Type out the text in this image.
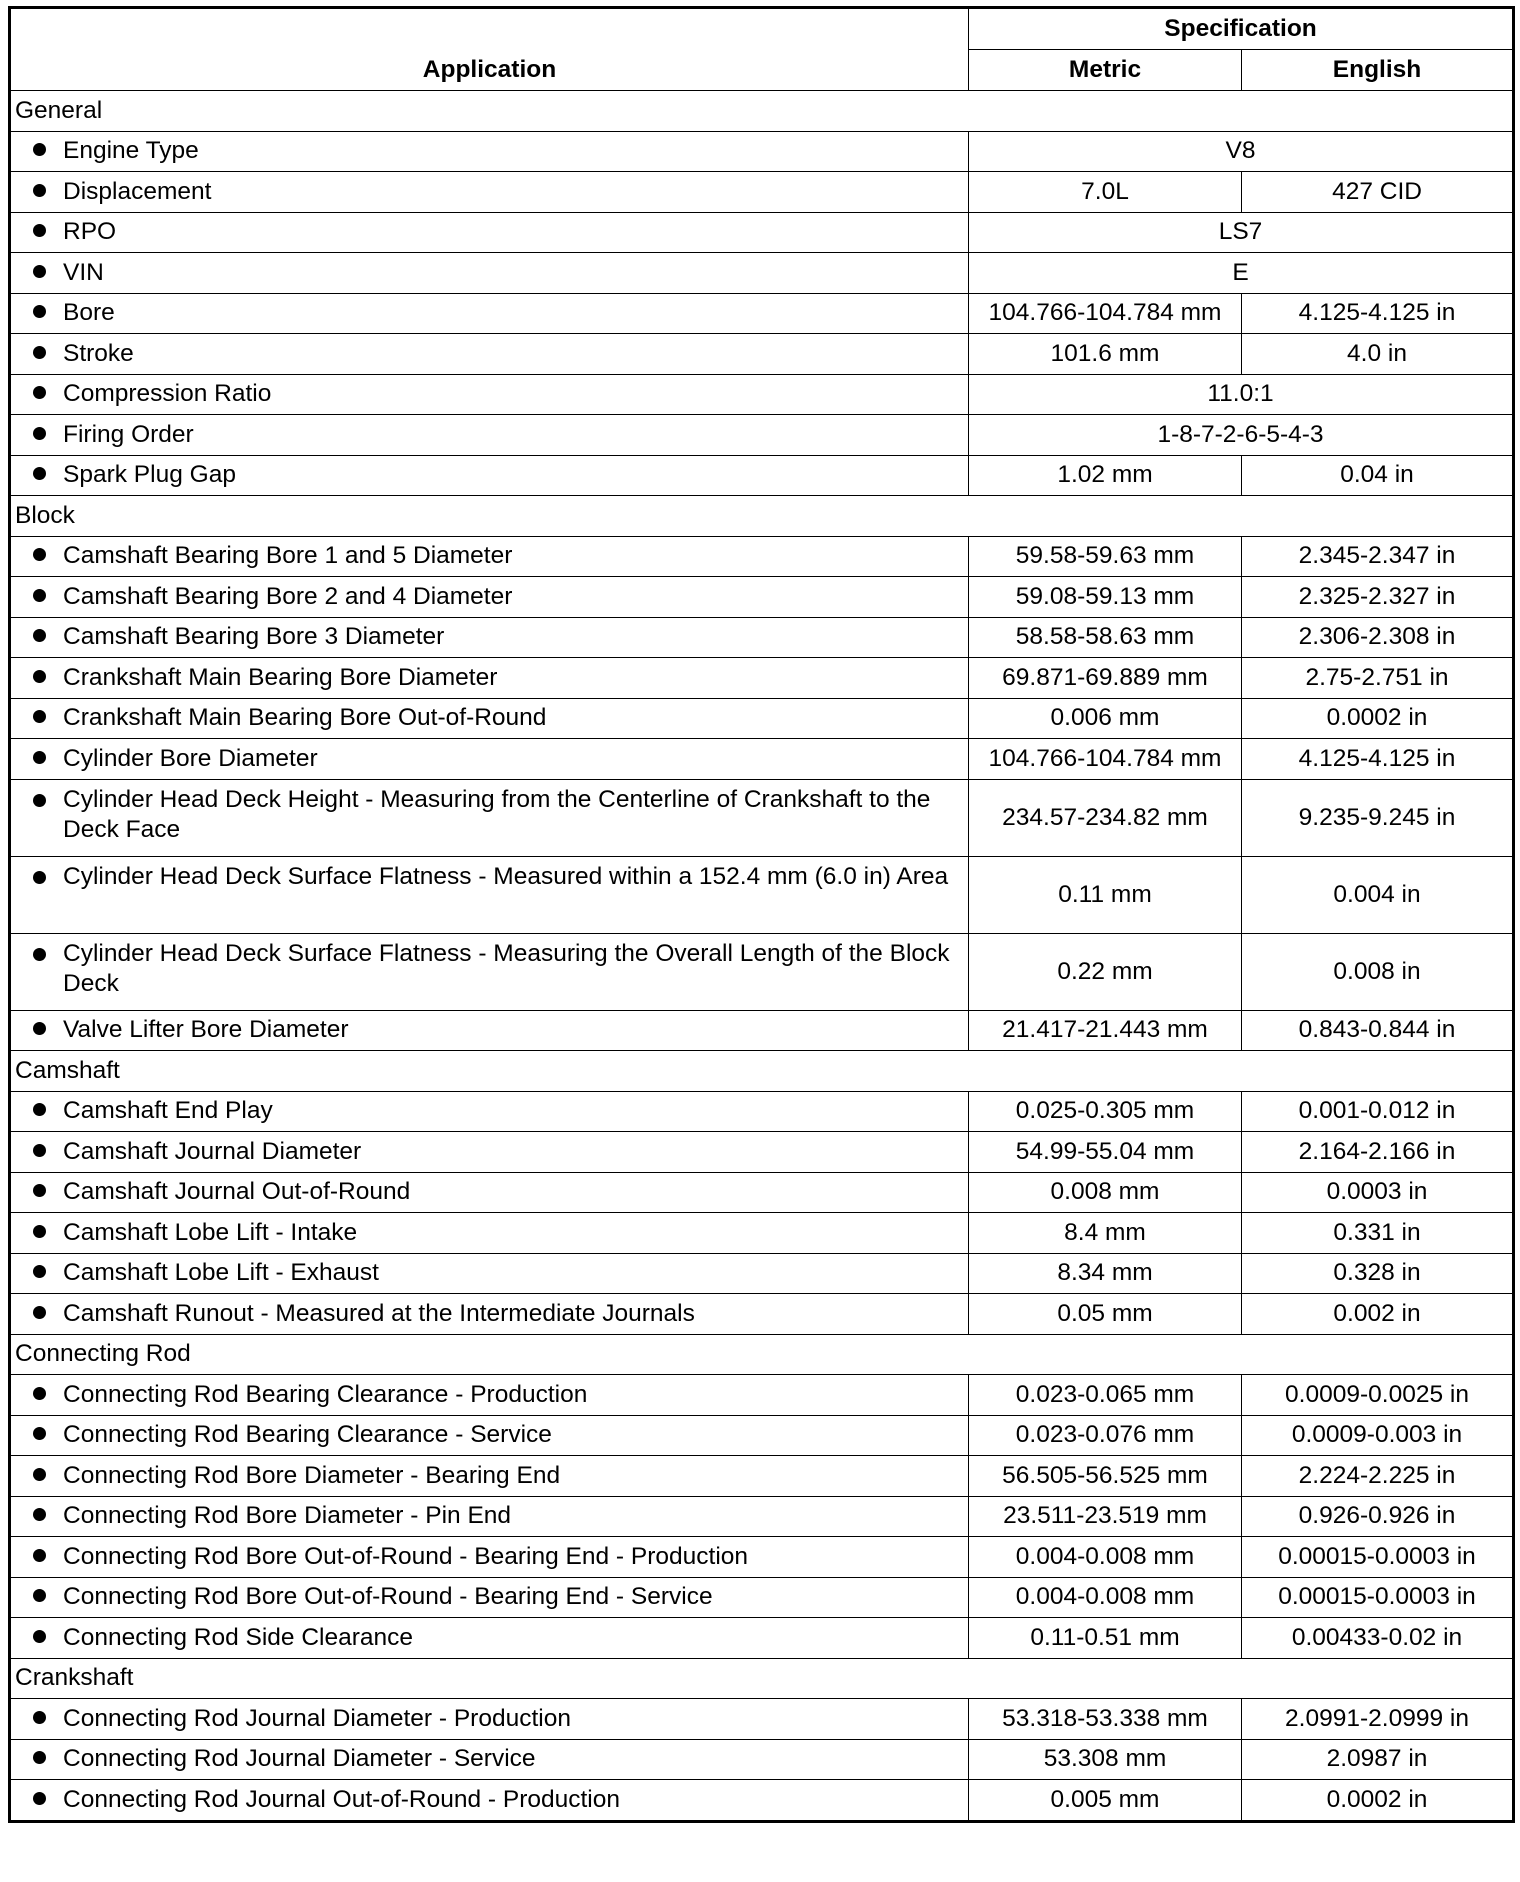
Application	Specification	
	Metric	English
General		

Engine Type	V8	

Displacement	7.0L	427 CID

RPO	LS7	

VIN	E	

Bore	104.766-104.784 mm	4.125-4.125 in

Stroke	101.6 mm	4.0 in

Compression Ratio	11.0:1	

Firing Order	1-8-7-2-6-5-4-3	

Spark Plug Gap	1.02 mm	0.04 in
Block		

Camshaft Bearing Bore 1 and 5 Diameter	59.58-59.63 mm	2.345-2.347 in

Camshaft Bearing Bore 2 and 4 Diameter	59.08-59.13 mm	2.325-2.327 in

Camshaft Bearing Bore 3 Diameter	58.58-58.63 mm	2.306-2.308 in

Crankshaft Main Bearing Bore Diameter	69.871-69.889 mm	2.75-2.751 in

Crankshaft Main Bearing Bore Out-of-Round	0.006 mm	0.0002 in

Cylinder Bore Diameter	104.766-104.784 mm	4.125-4.125 in

Cylinder Head Deck Height - Measuring from the Centerline of Crankshaft to the Deck Face	234.57-234.82 mm	9.235-9.245 in

Cylinder Head Deck Surface Flatness - Measured within a 152.4 mm (6.0 in) Area	0.11 mm	0.004 in

Cylinder Head Deck Surface Flatness - Measuring the Overall Length of the Block Deck	0.22 mm	0.008 in

Valve Lifter Bore Diameter	21.417-21.443 mm	0.843-0.844 in
Camshaft		

Camshaft End Play	0.025-0.305 mm	0.001-0.012 in

Camshaft Journal Diameter	54.99-55.04 mm	2.164-2.166 in

Camshaft Journal Out-of-Round	0.008 mm	0.0003 in

Camshaft Lobe Lift - Intake	8.4 mm	0.331 in

Camshaft Lobe Lift - Exhaust	8.34 mm	0.328 in

Camshaft Runout - Measured at the Intermediate Journals	0.05 mm	0.002 in
Connecting Rod		

Connecting Rod Bearing Clearance - Production	0.023-0.065 mm	0.0009-0.0025 in

Connecting Rod Bearing Clearance - Service	0.023-0.076 mm	0.0009-0.003 in

Connecting Rod Bore Diameter - Bearing End	56.505-56.525 mm	2.224-2.225 in

Connecting Rod Bore Diameter - Pin End	23.511-23.519 mm	0.926-0.926 in

Connecting Rod Bore Out-of-Round - Bearing End - Production	0.004-0.008 mm	0.00015-0.0003 in

Connecting Rod Bore Out-of-Round - Bearing End - Service	0.004-0.008 mm	0.00015-0.0003 in

Connecting Rod Side Clearance	0.11-0.51 mm	0.00433-0.02 in
Crankshaft		

Connecting Rod Journal Diameter - Production	53.318-53.338 mm	2.0991-2.0999 in

Connecting Rod Journal Diameter - Service	53.308 mm	2.0987 in

Connecting Rod Journal Out-of-Round - Production	0.005 mm	0.0002 in
